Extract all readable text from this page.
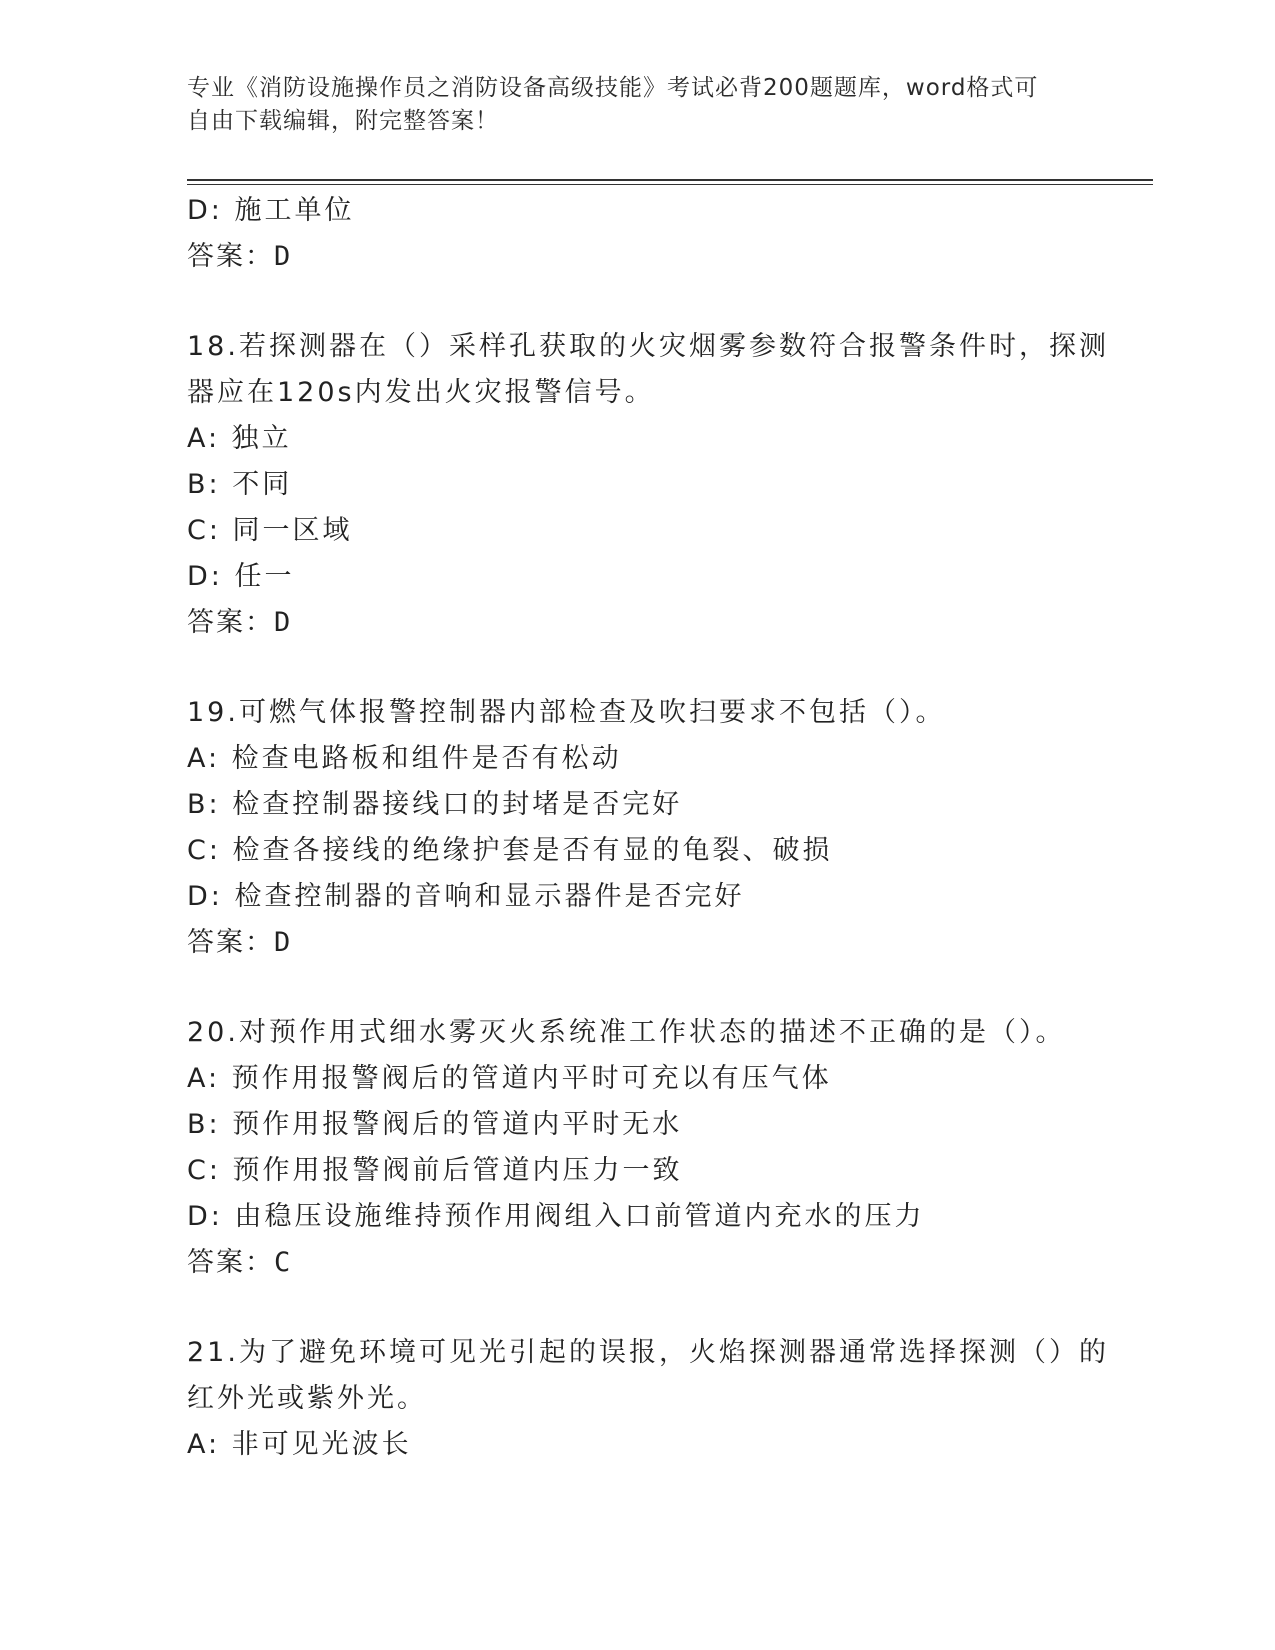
专业《消防设施操作员之消防设备高级技能》考试必背200题题库，word格式可
自由下载编辑，附完整答案！
D: 施工单位
答案：D
18.若探测器在（）采样孔获取的火灾烟雾参数符合报警条件时，探测
器应在120s内发出火灾报警信号。
A: 独立
B: 不同
C: 同一区域
D: 任一
答案：D
19.可燃气体报警控制器内部检查及吹扫要求不包括（）。
A: 检查电路板和组件是否有松动
B: 检查控制器接线口的封堵是否完好
C: 检查各接线的绝缘护套是否有显的龟裂、破损
D: 检查控制器的音响和显示器件是否完好
答案：D
20.对预作用式细水雾灭火系统准工作状态的描述不正确的是（）。
A: 预作用报警阀后的管道内平时可充以有压气体
B: 预作用报警阀后的管道内平时无水
C: 预作用报警阀前后管道内压力一致
D: 由稳压设施维持预作用阀组入口前管道内充水的压力
答案：C
21.为了避免环境可见光引起的误报，火焰探测器通常选择探测（）的
红外光或紫外光。
A: 非可见光波长
